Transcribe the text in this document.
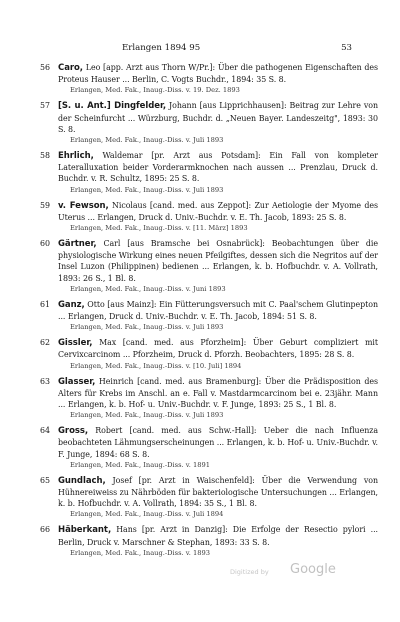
Erlangen 1894 95	53
56 Caro, Leo [app. Arzt aus Thorn W/Pr.]: Über die pathogenen Eigenschaften des Proteus Hauser ... Berlin, C. Vogts Buchdr., 1894: 35 S. 8.
Erlangen, Med. Fak., Inaug.-Diss. v. 19. Dez. 1893
57 [S. u. Ant.] Dingfelder, Johann [aus Lipprichhausen]: Beitrag zur Lehre von der Scheinfurcht ... Würzburg, Buchdr. d. „Neuen Bayer. Landeszeitg", 1893: 30 S. 8.
Erlangen, Med. Fak., Inaug.-Diss. v. Juli 1893
58 Ehrlich, Waldemar [pr. Arzt aus Potsdam]: Ein Fall von kompleter Lateralluxation beider Vorderarmknochen nach aussen ... Prenzlau, Druck d. Buchdr. v. R. Schultz, 1895: 25 S. 8.
Erlangen, Med. Fak., Inaug.-Diss. v. Juli 1893
59 v. Fewson, Nicolaus [cand. med. aus Zeppot]: Zur Aetiologie der Myome des Uterus ... Erlangen, Druck d. Univ.-Buchdr. v. E. Th. Jacob, 1893: 25 S. 8.
Erlangen, Med. Fak., Inaug.-Diss. v. [11. März] 1893
60 Gärtner, Carl [aus Bramsche bei Osnabrück]: Beobachtungen über die physiologische Wirkung eines neuen Pfeilgiftes, dessen sich die Negritos auf der Insel Luzon (Philippinen) bedienen ... Erlangen, k. b. Hofbuchdr. v. A. Vollrath, 1893: 26 S., 1 Bl. 8.
Erlangen, Med. Fak., Inaug.-Diss. v. Juni 1893
61 Ganz, Otto [aus Mainz]: Ein Fütterungsversuch mit C. Paal'schem Glutinpepton ... Erlangen, Druck d. Univ.-Buchdr. v. E. Th. Jacob, 1894: 51 S. 8.
Erlangen, Med. Fak., Inaug.-Diss. v. Juli 1893
62 Gissler, Max [cand. med. aus Pforzheim]: Über Geburt compliziert mit Cervixcarcinom ... Pforzheim, Druck d. Pforzh. Beobachters, 1895: 28 S. 8.
Erlangen, Med. Fak., Inaug.-Diss. v. [10. Juli] 1894
63 Glasser, Heinrich [cand. med. aus Bramenburg]: Über die Prädisposition des Alters für Krebs im Anschl. an e. Fall v. Mastdarmcarcinom bei e. 23jähr. Mann ... Erlangen, k. b. Hof- u. Univ.-Buchdr. v. F. Junge, 1893: 25 S., 1 Bl. 8.
Erlangen, Med. Fak., Inaug.-Diss. v. Juli 1893
64 Gross, Robert [cand. med. aus Schw.-Hall]: Ueber die nach Influenza beobachteten Lähmungserscheinungen ... Erlangen, k. b. Hof- u. Univ.-Buchdr. v. F. Junge, 1894: 68 S. 8.
Erlangen, Med. Fak., Inaug.-Diss. v. 1891
65 Gundlach, Josef [pr. Arzt in Waischenfeld]: Über die Verwendung von Hühnereiweiss zu Nährböden für bakteriologische Untersuchungen ... Erlangen, k. b. Hofbuchdr. v. A. Vollrath, 1894: 35 S., 1 Bl. 8.
Erlangen, Med. Fak., Inaug.-Diss. v. Juli 1894
66 Häberkant, Hans [pr. Arzt in Danzig]: Die Erfolge der Resectio pylori ... Berlin, Druck v. Marschner & Stephan, 1893: 33 S. 8.
Erlangen, Med. Fak., Inaug.-Diss. v. 1893
Digitized by Google
